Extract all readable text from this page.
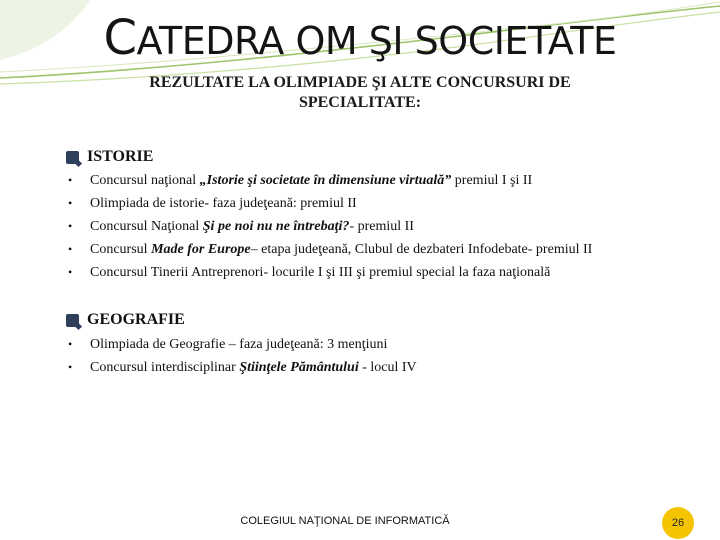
CATEDRA OM ŞI SOCIETATE
REZULTATE LA OLIMPIADE ŞI ALTE CONCURSURI DE SPECIALITATE:
ISTORIE
•	Concursul naţional „Istorie şi societate în dimensiune virtuală” premiul I şi II
•	Olimpiada de istorie- faza judeţeană: premiul II
•	Concursul Naţional Şi pe noi nu ne întrebaţi?- premiul II
•	Concursul Made for Europe– etapa judeţeană, Clubul de dezbateri Infodebate- premiul II
•	Concursul Tinerii Antreprenori- locurile I şi III şi premiul special la faza naţională
GEOGRAFIE
•	Olimpiada de Geografie – faza judeţeană: 3 menţiuni
•	Concursul interdisciplinar Ştiinţele Pământului - locul IV
COLEGIUL NAŢIONAL DE INFORMATICĂ	26
